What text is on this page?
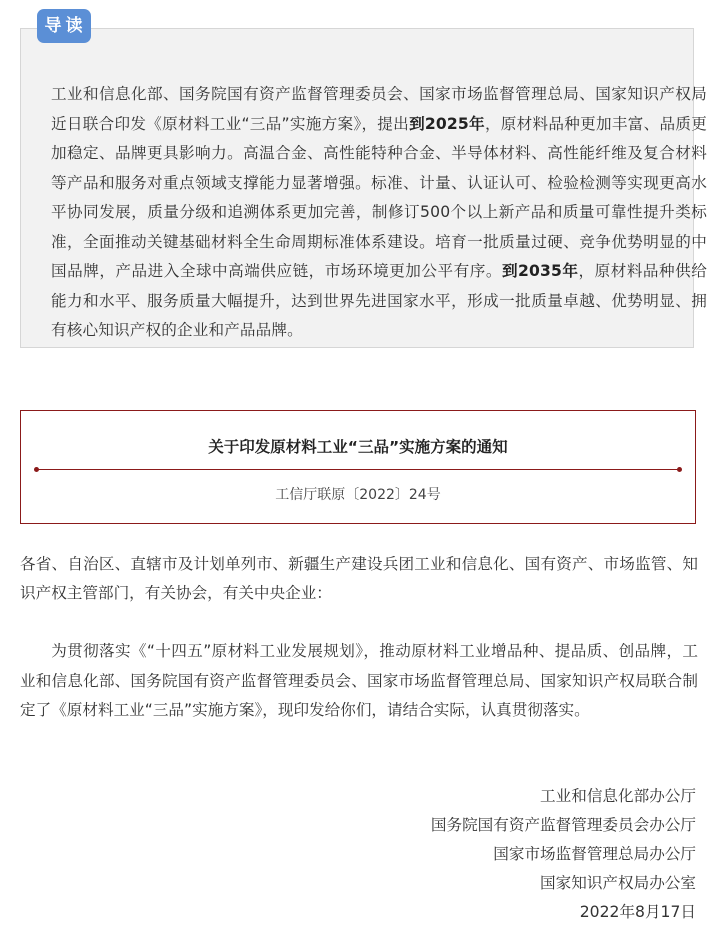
工业和信息化部、国务院国有资产监督管理委员会、国家市场监督管理总局、国家知识产权局近日联合印发《原材料工业“三品”实施方案》，提出到2025年，原材料品种更加丰富、品质更加稳定、品牌更具影响力。高温合金、高性能特种合金、半导体材料、高性能纤维及复合材料等产品和服务对重点领域支撑能力显著增强。标准、计量、认证认可、检验检测等实现更高水平协同发展，质量分级和追溯体系更加完善，制修订500个以上新产品和质量可靠性提升类标准，全面推动关键基础材料全生命周期标准体系建设。培育一批质量过硬、竞争优势明显的中国品牌，产品进入全球中高端供应链，市场环境更加公平有序。到2035年，原材料品种供给能力和水平、服务质量大幅提升，达到世界先进国家水平，形成一批质量卓越、优势明显、拥有核心知识产权的企业和产品品牌。

导读
关于印发原材料工业“三品”实施方案的通知
工信厅联原〔2022〕24号

各省、自治区、直辖市及计划单列市、新疆生产建设兵团工业和信息化、国有资产、市场监管、知识产权主管部门，有关协会，有关中央企业：

为贯彻落实《“十四五”原材料工业发展规划》，推动原材料工业增品种、提品质、创品牌，工业和信息化部、国务院国有资产监督管理委员会、国家市场监督管理总局、国家知识产权局联合制定了《原材料工业“三品”实施方案》，现印发给你们，请结合实际，认真贯彻落实。

工业和信息化部办公厅
国务院国有资产监督管理委员会办公厅
国家市场监督管理总局办公厅
国家知识产权局办公室
2022年8月17日
